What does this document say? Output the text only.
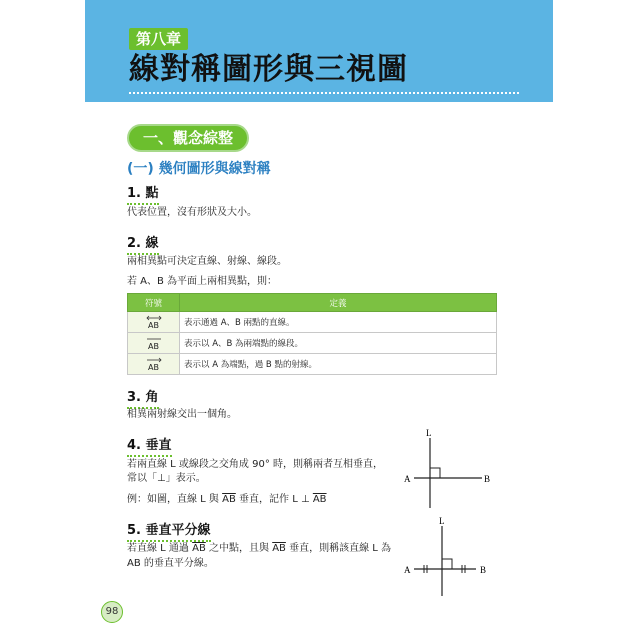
第八章
線對稱圖形與三視圖
一、觀念綜整
(一) 幾何圖形與線對稱
1. 點
代表位置，沒有形狀及大小。
2. 線
兩相異點可決定直線、射線、線段。
若 A、B 為平面上兩相異點，則：
符號	定義

AB	表示通過 A、B 兩點的直線。

AB	表示以 A、B 為兩端點的線段。

AB	表示以 A 為端點，過 B 點的射線。
3. 角
相異兩射線交出一個角。
4. 垂直
若兩直線 L 或線段之交角成 90° 時，則稱兩者互相垂直，
常以「⊥」表示。
例：如圖，直線 L 與 $\overline{AB}$ 垂直，記作 L ⊥ $\overline{AB}$
L
A	B
5. 垂直平分線
若直線 L 通過 $\overline{AB}$ 之中點，且與 $\overline{AB}$ 垂直，則稱該直線 L 為
AB 的垂直平分線。
L
A	B
98
